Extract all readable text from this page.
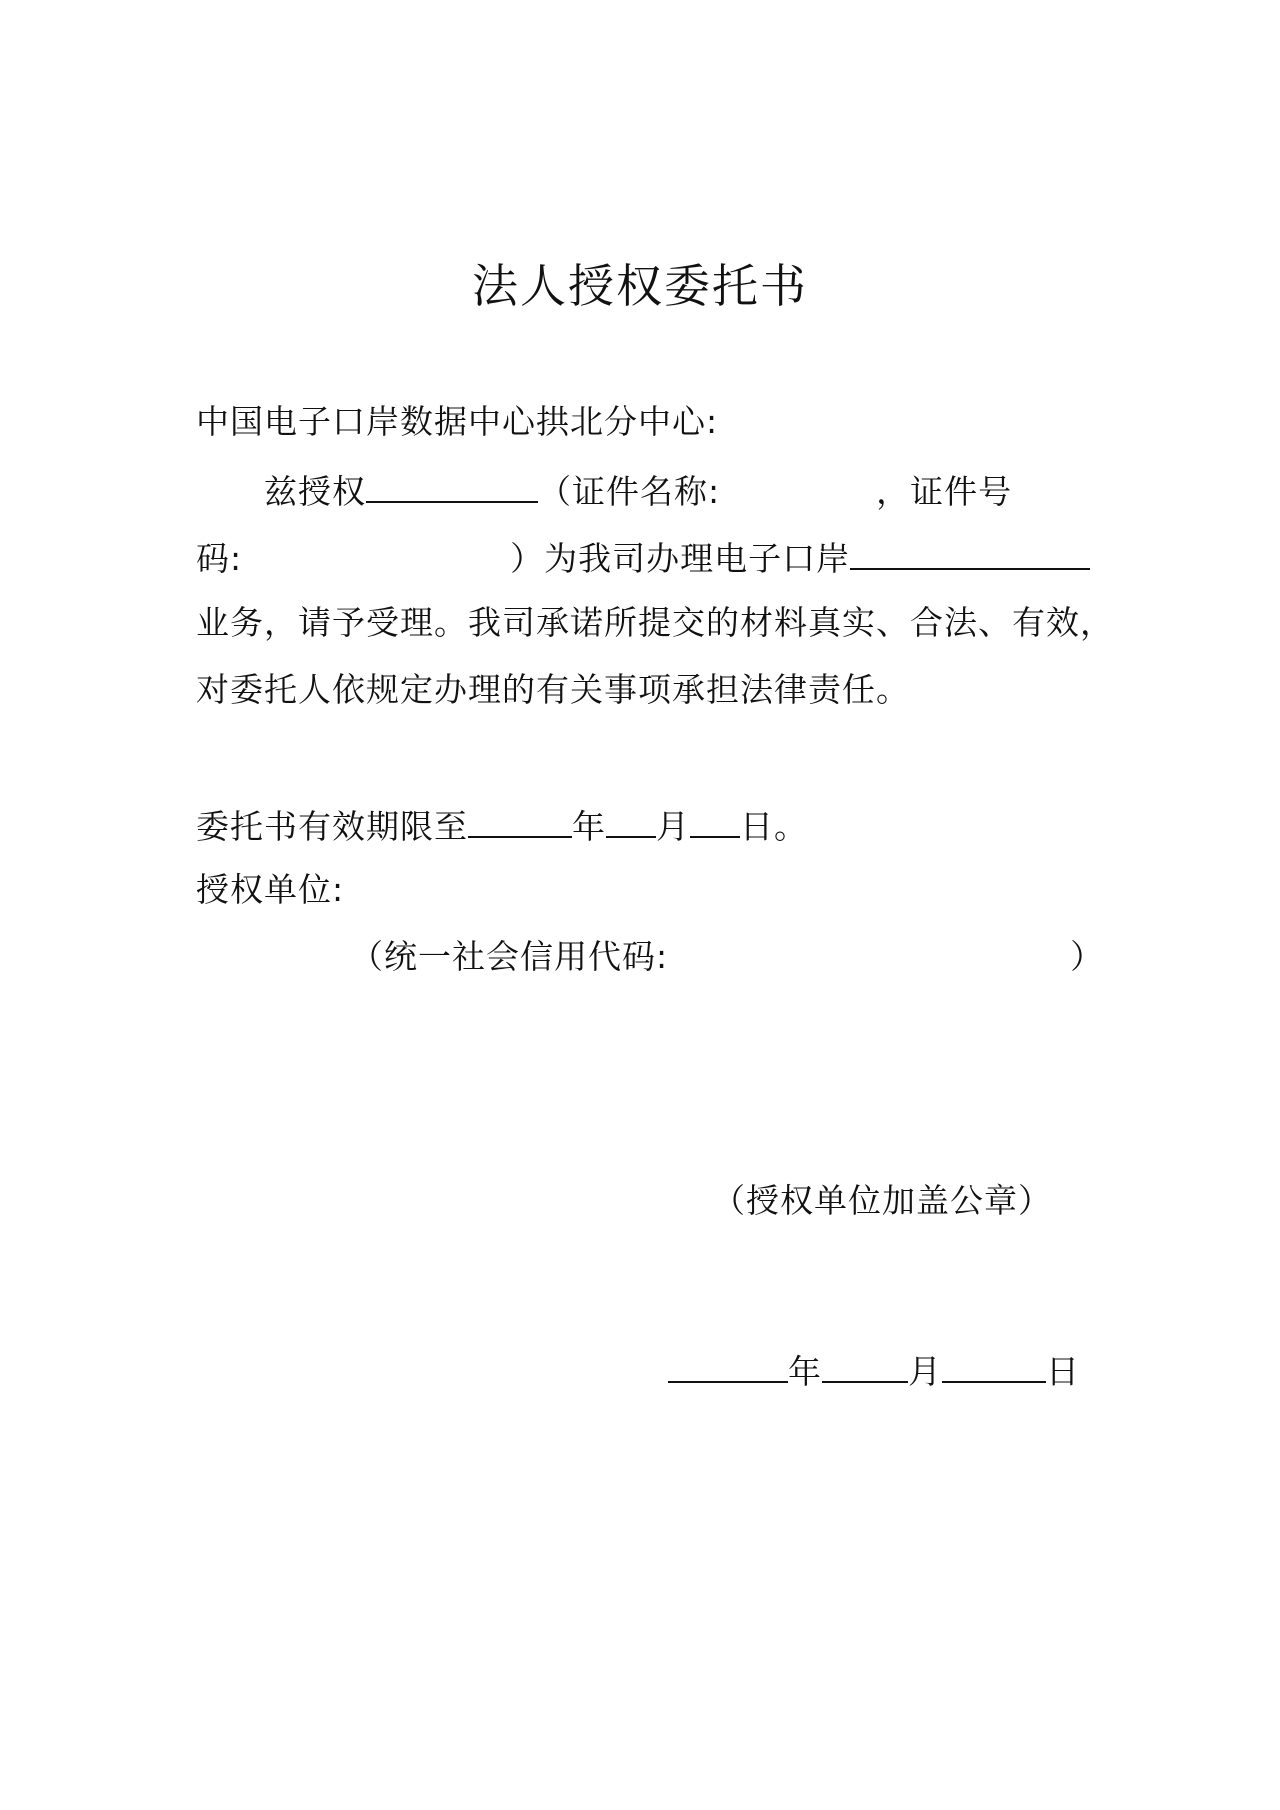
法人授权委托书
中国电子口岸数据中心拱北分中心:
兹授权	（证件名称:	，证件号
码:	）为我司办理电子口岸
业务，请予受理。我司承诺所提交的材料真实、合法、有效，
对委托人依规定办理的有关事项承担法律责任。
委托书有效期限至	年 月 日。
授权单位:
（统一社会信用代码:	）
（授权单位加盖公章）
年	月	日
